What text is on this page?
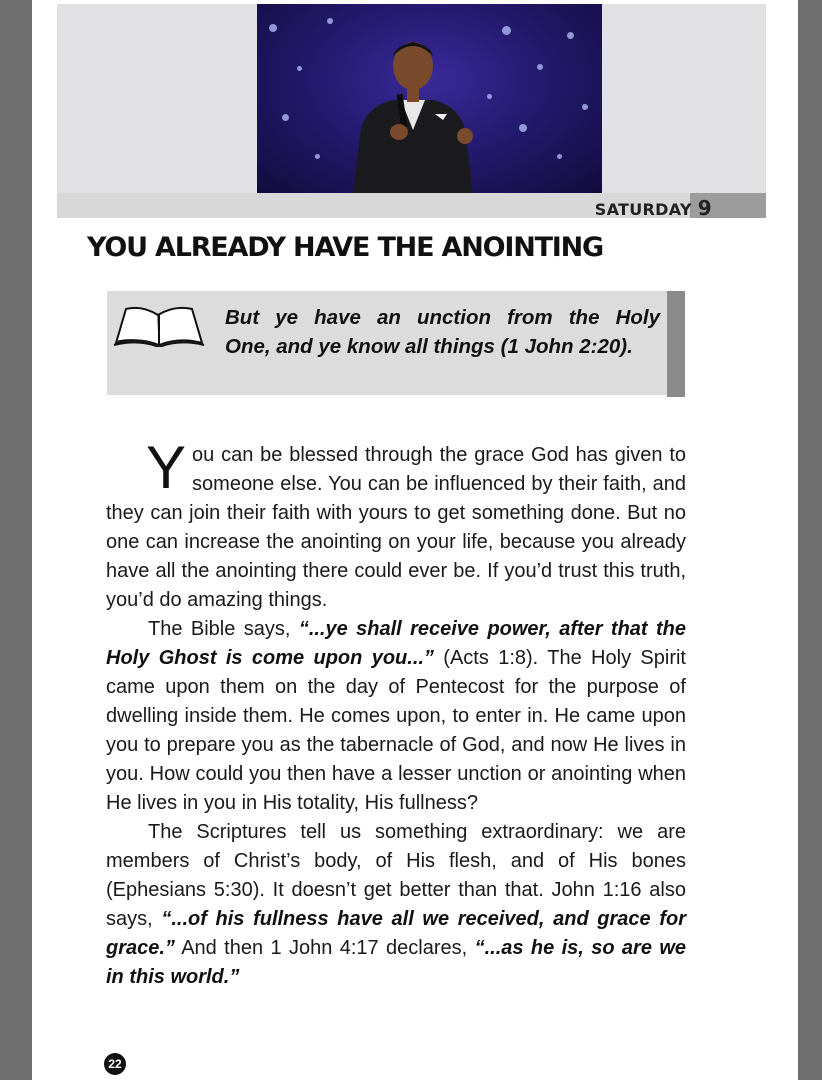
SATURDAY 9
YOU ALREADY HAVE THE ANOINTING
But ye have an unction from the Holy
One, and ye know all things (1 John 2:20).

You can be blessed through the grace God has given to someone else. You can be influenced by their faith, and they can join their faith with yours to get something done. But no one can increase the anointing on your life, because you already have all the anointing there could ever be. If you’d trust this truth, you’d do amazing things.

The Bible says, “...ye shall receive power, after that the Holy Ghost is come upon you...” (Acts 1:8). The Holy Spirit came upon them on the day of Pentecost for the purpose of dwelling inside them. He comes upon, to enter in. He came upon you to prepare you as the tabernacle of God, and now He lives in you. How could you then have a lesser unction or anointing when He lives in you in His totality, His fullness?

The Scriptures tell us something extraordinary: we are members of Christ’s body, of His flesh, and of His bones (Ephesians 5:30). It doesn’t get better than that. John 1:16 also says, “...of his fullness have all we received, and grace for grace.” And then 1 John 4:17 declares, “...as he is, so are we in this world.”

22
